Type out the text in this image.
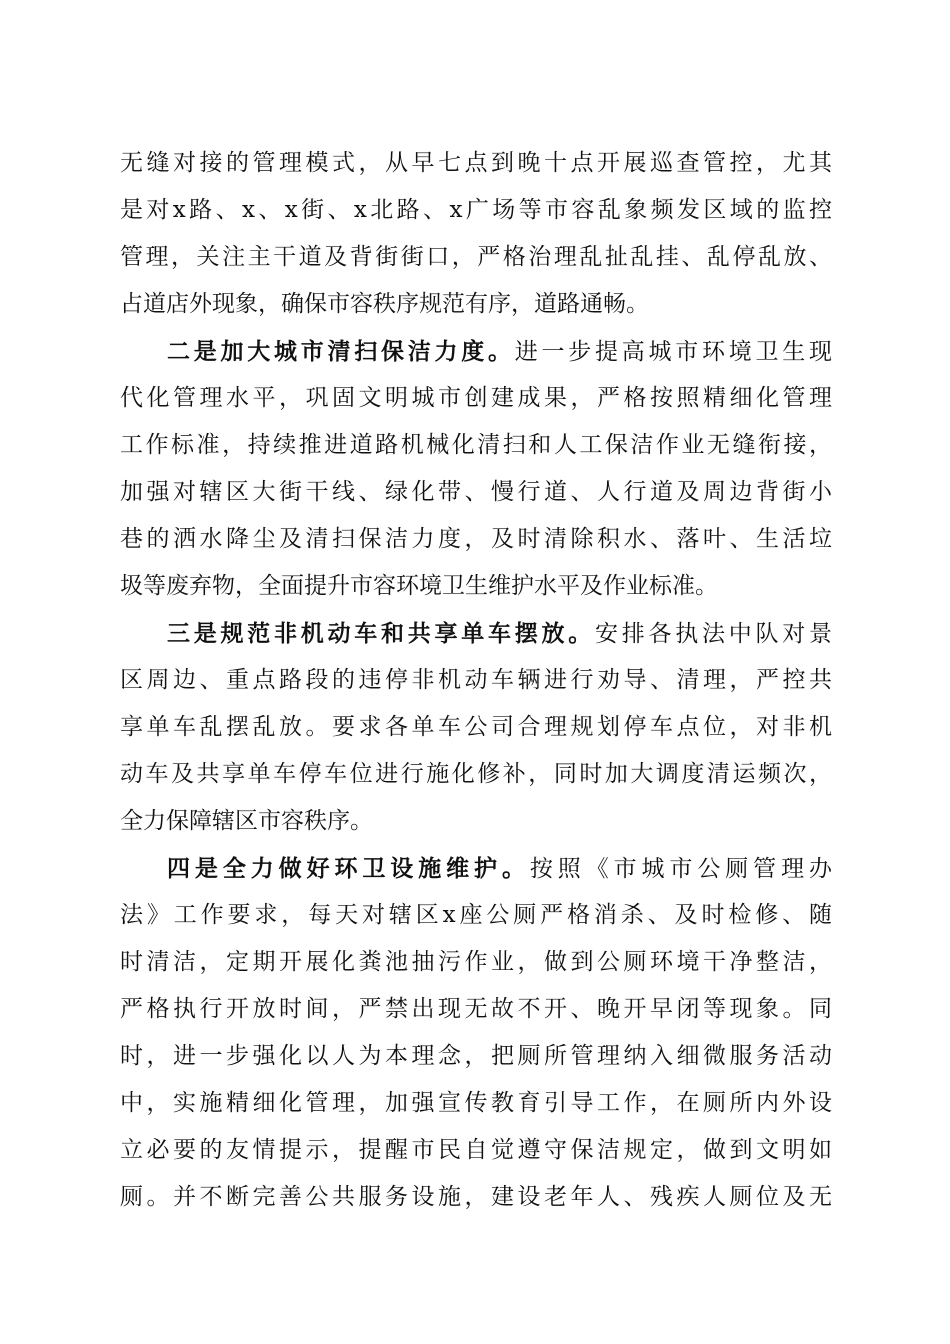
无缝对接的管理模式，从早七点到晚十点开展巡查管控，尤其
是对x路、x、x街、x北路、x广场等市容乱象频发区域的监控
管理，关注主干道及背街街口，严格治理乱扯乱挂、乱停乱放、
占道店外现象，确保市容秩序规范有序，道路通畅。
二是加大城市清扫保洁力度。进一步提高城市环境卫生现
代化管理水平，巩固文明城市创建成果，严格按照精细化管理
工作标准，持续推进道路机械化清扫和人工保洁作业无缝衔接，
加强对辖区大街干线、绿化带、慢行道、人行道及周边背街小
巷的洒水降尘及清扫保洁力度，及时清除积水、落叶、生活垃
圾等废弃物，全面提升市容环境卫生维护水平及作业标准。
三是规范非机动车和共享单车摆放。安排各执法中队对景
区周边、重点路段的违停非机动车辆进行劝导、清理，严控共
享单车乱摆乱放。要求各单车公司合理规划停车点位，对非机
动车及共享单车停车位进行施化修补，同时加大调度清运频次，
全力保障辖区市容秩序。
四是全力做好环卫设施维护。按照《市城市公厕管理办
法》工作要求，每天对辖区x座公厕严格消杀、及时检修、随
时清洁，定期开展化粪池抽污作业，做到公厕环境干净整洁，
严格执行开放时间，严禁出现无故不开、晚开早闭等现象。同
时，进一步强化以人为本理念，把厕所管理纳入细微服务活动
中，实施精细化管理，加强宣传教育引导工作，在厕所内外设
立必要的友情提示，提醒市民自觉遵守保洁规定，做到文明如
厕。并不断完善公共服务设施，建设老年人、残疾人厕位及无
